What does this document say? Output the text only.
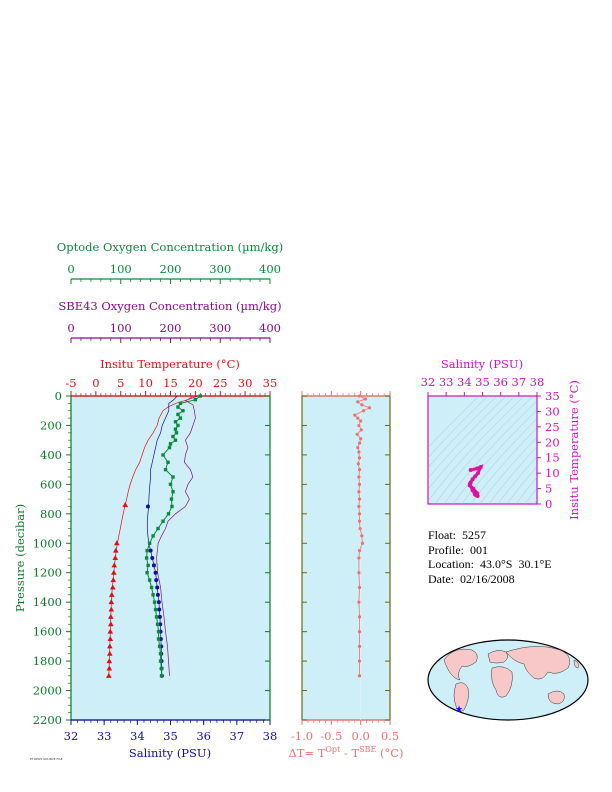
Optode Oxygen Concentration (µm/kg)
0	100 200 300 400
SBE43 Oxygen Concentration (µm/kg)
0	100 200 300 400
Insitu Temperature (°C)
-5 0 5 10 15 20 25 30 35
32 33 34 35 36 37 38
0
200
400
600
800
1000
1200
1400
1600
1800
2000
2200
Salinity (PSU)
Pressure (decibar)
-1.0 -0.5 0.0 0.5
$\Delta T= T^{Opt} - T^{SBE}$ (°C)
Salinity (PSU)
32 33 34 35 36 37 38
0
5
10
15
20
25
30
35 Insitu Temperature (°C)
★
Float:  5257
Profile:  001
Location:  43.0°S  30.1°E
Date:  02/16/2008
ETOPO5 SOURCE FILE
